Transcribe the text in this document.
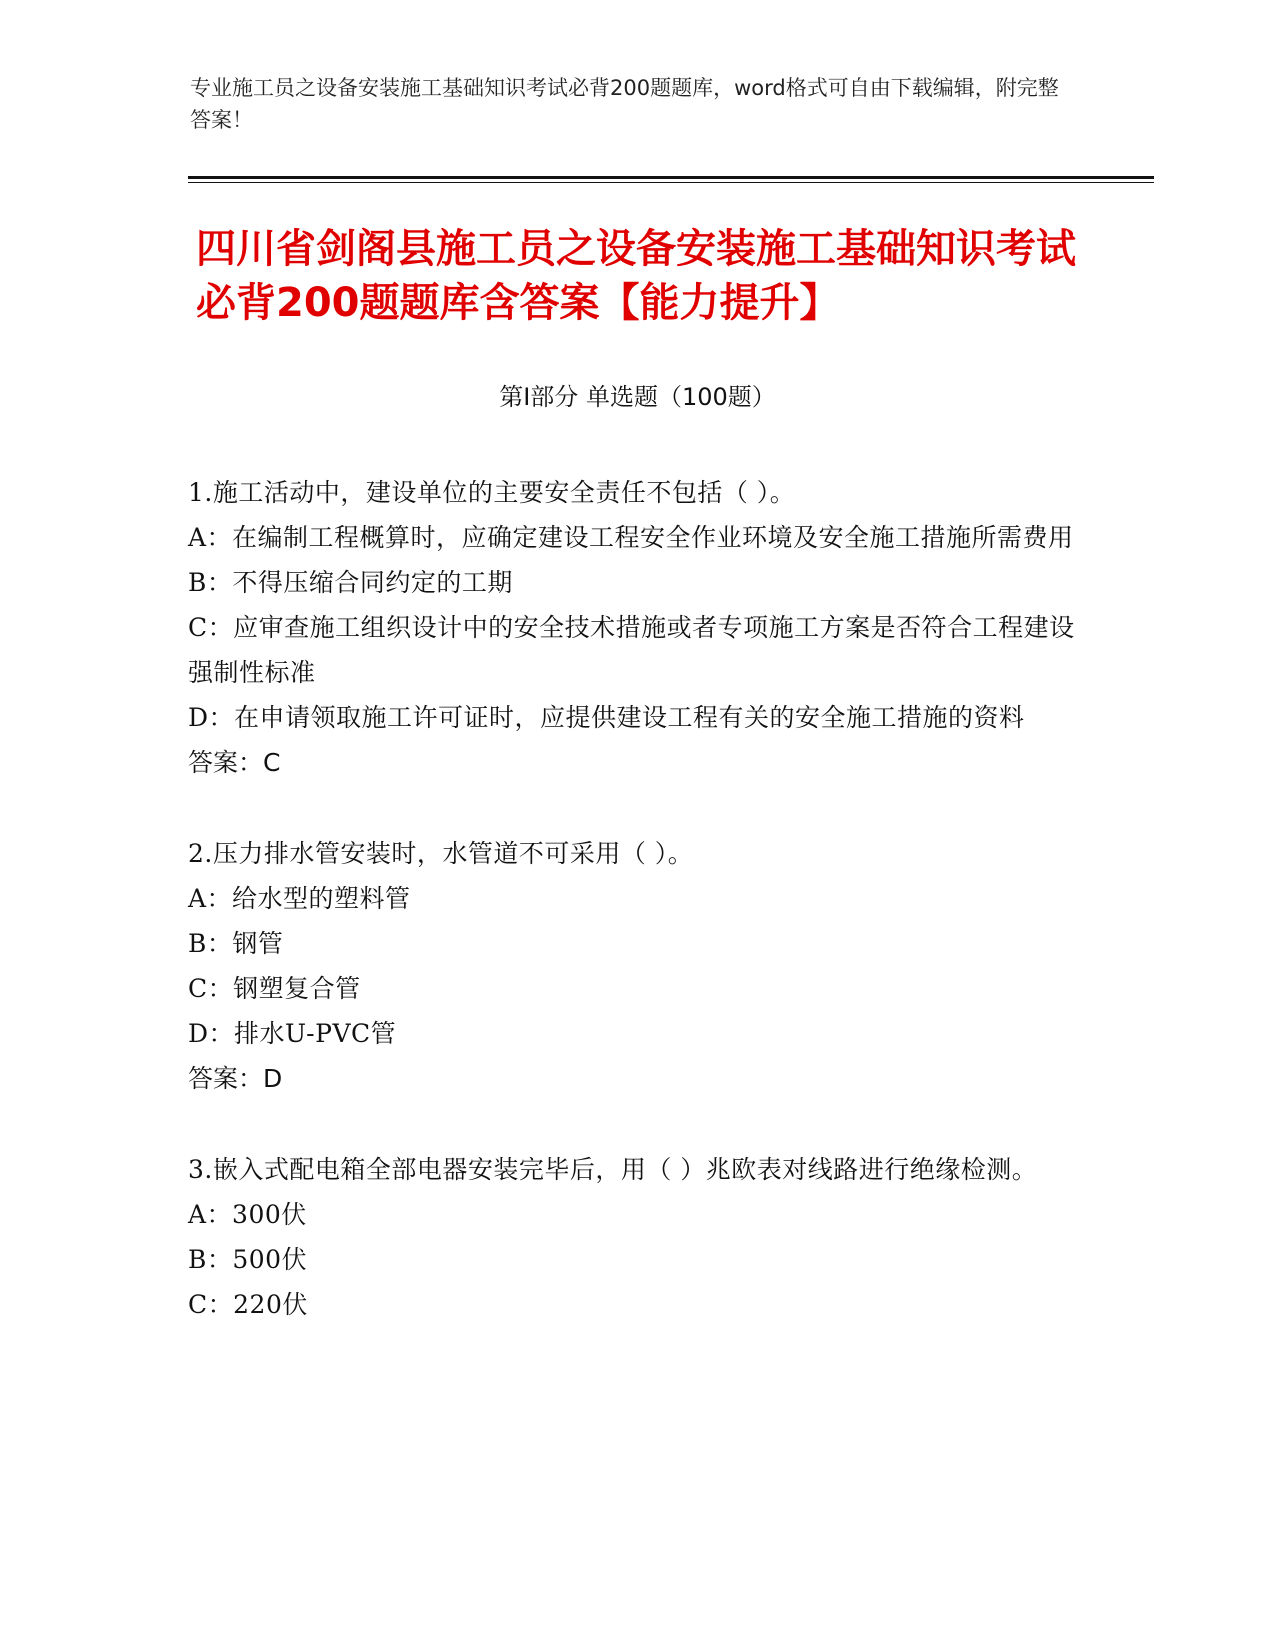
专业施工员之设备安装施工基础知识考试必背200题题库，word格式可自由下载编辑，附完整答案！
四川省剑阁县施工员之设备安装施工基础知识考试必背200题题库含答案【能力提升】
第Ⅰ部分 单选题（100题）
1.施工活动中，建设单位的主要安全责任不包括（ ）。
A：在编制工程概算时，应确定建设工程安全作业环境及安全施工措施所需费用
B：不得压缩合同约定的工期
C：应审查施工组织设计中的安全技术措施或者专项施工方案是否符合工程建设强制性标准
D：在申请领取施工许可证时，应提供建设工程有关的安全施工措施的资料
答案：C
2.压力排水管安装时，水管道不可采用（ ）。
A：给水型的塑料管
B：钢管
C：钢塑复合管
D：排水U-PVC管
答案：D
3.嵌入式配电箱全部电器安装完毕后，用（ ）兆欧表对线路进行绝缘检测。
A：300伏
B：500伏
C：220伏
